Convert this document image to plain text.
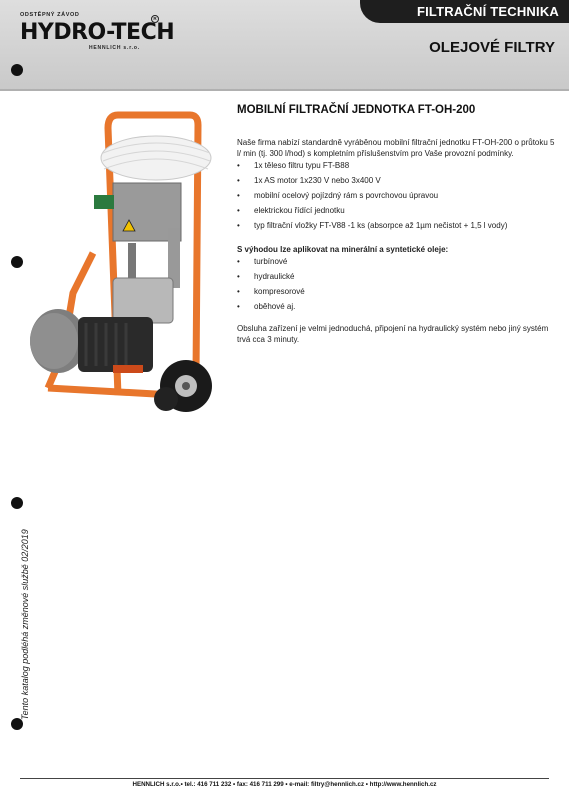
ODSTĚPNÝ ZÁVOD
HYDRO-TECH
HENNLICH s.r.o.
R	FILTRAČNÍ TECHNIKA
OLEJOVÉ FILTRY
Tento katalog podléhá změnové službě 02/2019
MOBILNÍ FILTRAČNÍ JEDNOTKA FT-OH-200

Naše firma nabízí standardně vyráběnou mobilní filtrační jednotku FT-OH-200 o průtoku 5 l/ min (tj. 300 l/hod) s kompletním příslušenstvím pro Vaše provozní podmínky.

• 1x těleso filtru typu FT-B88
• 1x AS motor 1x230 V nebo 3x400 V
• mobilní ocelový pojízdný rám s povrchovou úpravou
• elektrickou řídící jednotku
• typ filtrační vložky FT-V88 -1 ks (absorpce až 1µm nečistot + 1,5 l vody)

S výhodou lze aplikovat na minerální a syntetické oleje:

• turbínové
• hydraulické
• kompresorové
• oběhové aj.

Obsluha zařízení je velmi jednoduchá, připojení na hydraulický systém nebo jiný systém trvá cca 3 minuty.

HENNLICH s.r.o.• tel.: 416 711 232 • fax: 416 711 299 • e-mail: filtry@hennlich.cz • http://www.hennlich.cz
